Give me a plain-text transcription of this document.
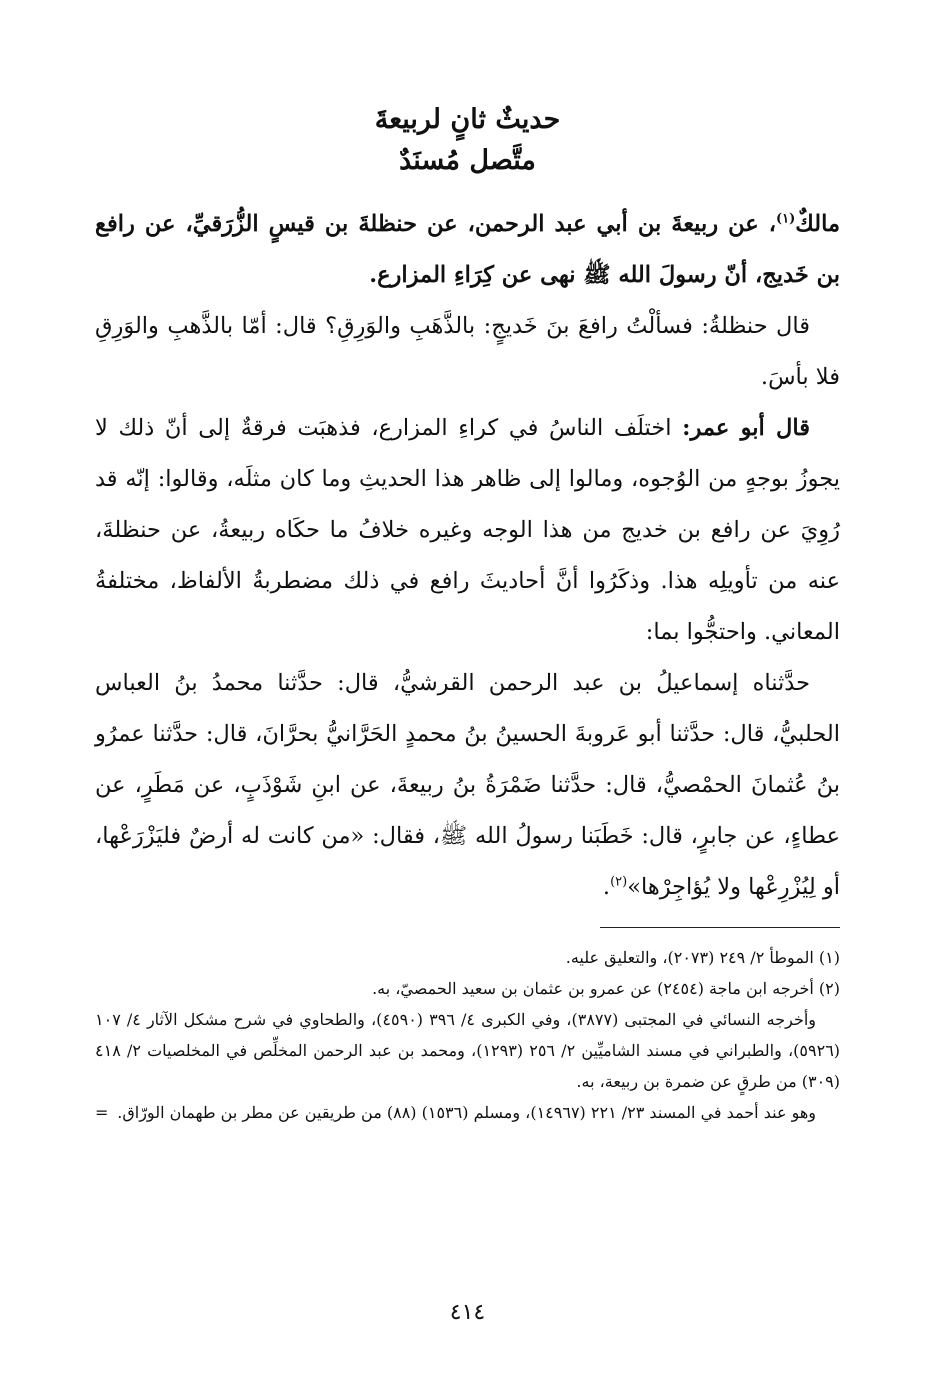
حديثٌ ثانٍ لربيعةَ

متَّصل مُسنَدٌ

مالكٌ$^{(١)}$، عن ربيعةَ بن أبي عبد الرحمن، عن حنظلةَ بن قيسٍ الزُّرَقيِّ، عن رافع بن خَديج، أنّ رسولَ الله ﷺ نهى عن كِرَاءِ المزارع.

قال حنظلةُ: فسألْتُ رافعَ بنَ خَديجٍ: بالذَّهَبِ والوَرِقِ؟ قال: أمّا بالذَّهبِ والوَرِقِ فلا بأسَ.

قال أبو عمر: اختلَف الناسُ في كراءِ المزارع، فذهبَت فرقةٌ إلى أنّ ذلك لا يجوزُ بوجهٍ من الوُجوه، ومالوا إلى ظاهر هذا الحديثِ وما كان مثلَه، وقالوا: إنّه قد رُوِيَ عن رافع بن خديج من هذا الوجه وغيره خلافُ ما حكَاه ربيعةُ، عن حنظلةَ، عنه من تأويلِه هذا. وذكَرُوا أنَّ أحاديثَ رافع في ذلك مضطربةُ الألفاظ، مختلفةُ المعاني. واحتجُّوا بما:

حدَّثناه إسماعيلُ بن عبد الرحمن القرشيُّ، قال: حدَّثنا محمدُ بنُ العباس الحلبيُّ، قال: حدَّثنا أبو عَروبةَ الحسينُ بنُ محمدٍ الحَرَّانيُّ بحرَّانَ، قال: حدَّثنا عمرُو بنُ عُثمانَ الحمْصيُّ، قال: حدَّثنا ضَمْرَةُ بنُ ربيعةَ، عن ابنِ شَوْذَبٍ، عن مَطَرٍ، عن عطاءٍ، عن جابرٍ، قال: خَطَبَنا رسولُ الله ﷺ، فقال: «من كانت له أرضٌ فليَزْرَعْها، أو لِيُزْرِعْها ولا يُؤاجِرْها»$^{(٢)}$.

(١) الموطأ ٢/ ٢٤٩ (٢٠٧٣)، والتعليق عليه.

(٢) أخرجه ابن ماجة (٢٤٥٤) عن عمرو بن عثمان بن سعيد الحمصيّ، به.

وأخرجه النسائي في المجتبى (٣٨٧٧)، وفي الكبرى ٤/ ٣٩٦ (٤٥٩٠)، والطحاوي في شرح مشكل الآثار ٤/ ١٠٧ (٥٩٢٦)، والطبراني في مسند الشاميِّين ٢/ ٢٥٦ (١٢٩٣)، ومحمد بن عبد الرحمن المخلِّص في المخلصيات ٢/ ٤١٨ (٣٠٩) من طرقٍ عن ضمرة بن ربيعة، به.

وهو عند أحمد في المسند ٢٣/ ٢٢١ (١٤٩٦٧)، ومسلم (١٥٣٦) (٨٨) من طريقين عن مطر بن طهمان الورّاق.

=
٤١٤
